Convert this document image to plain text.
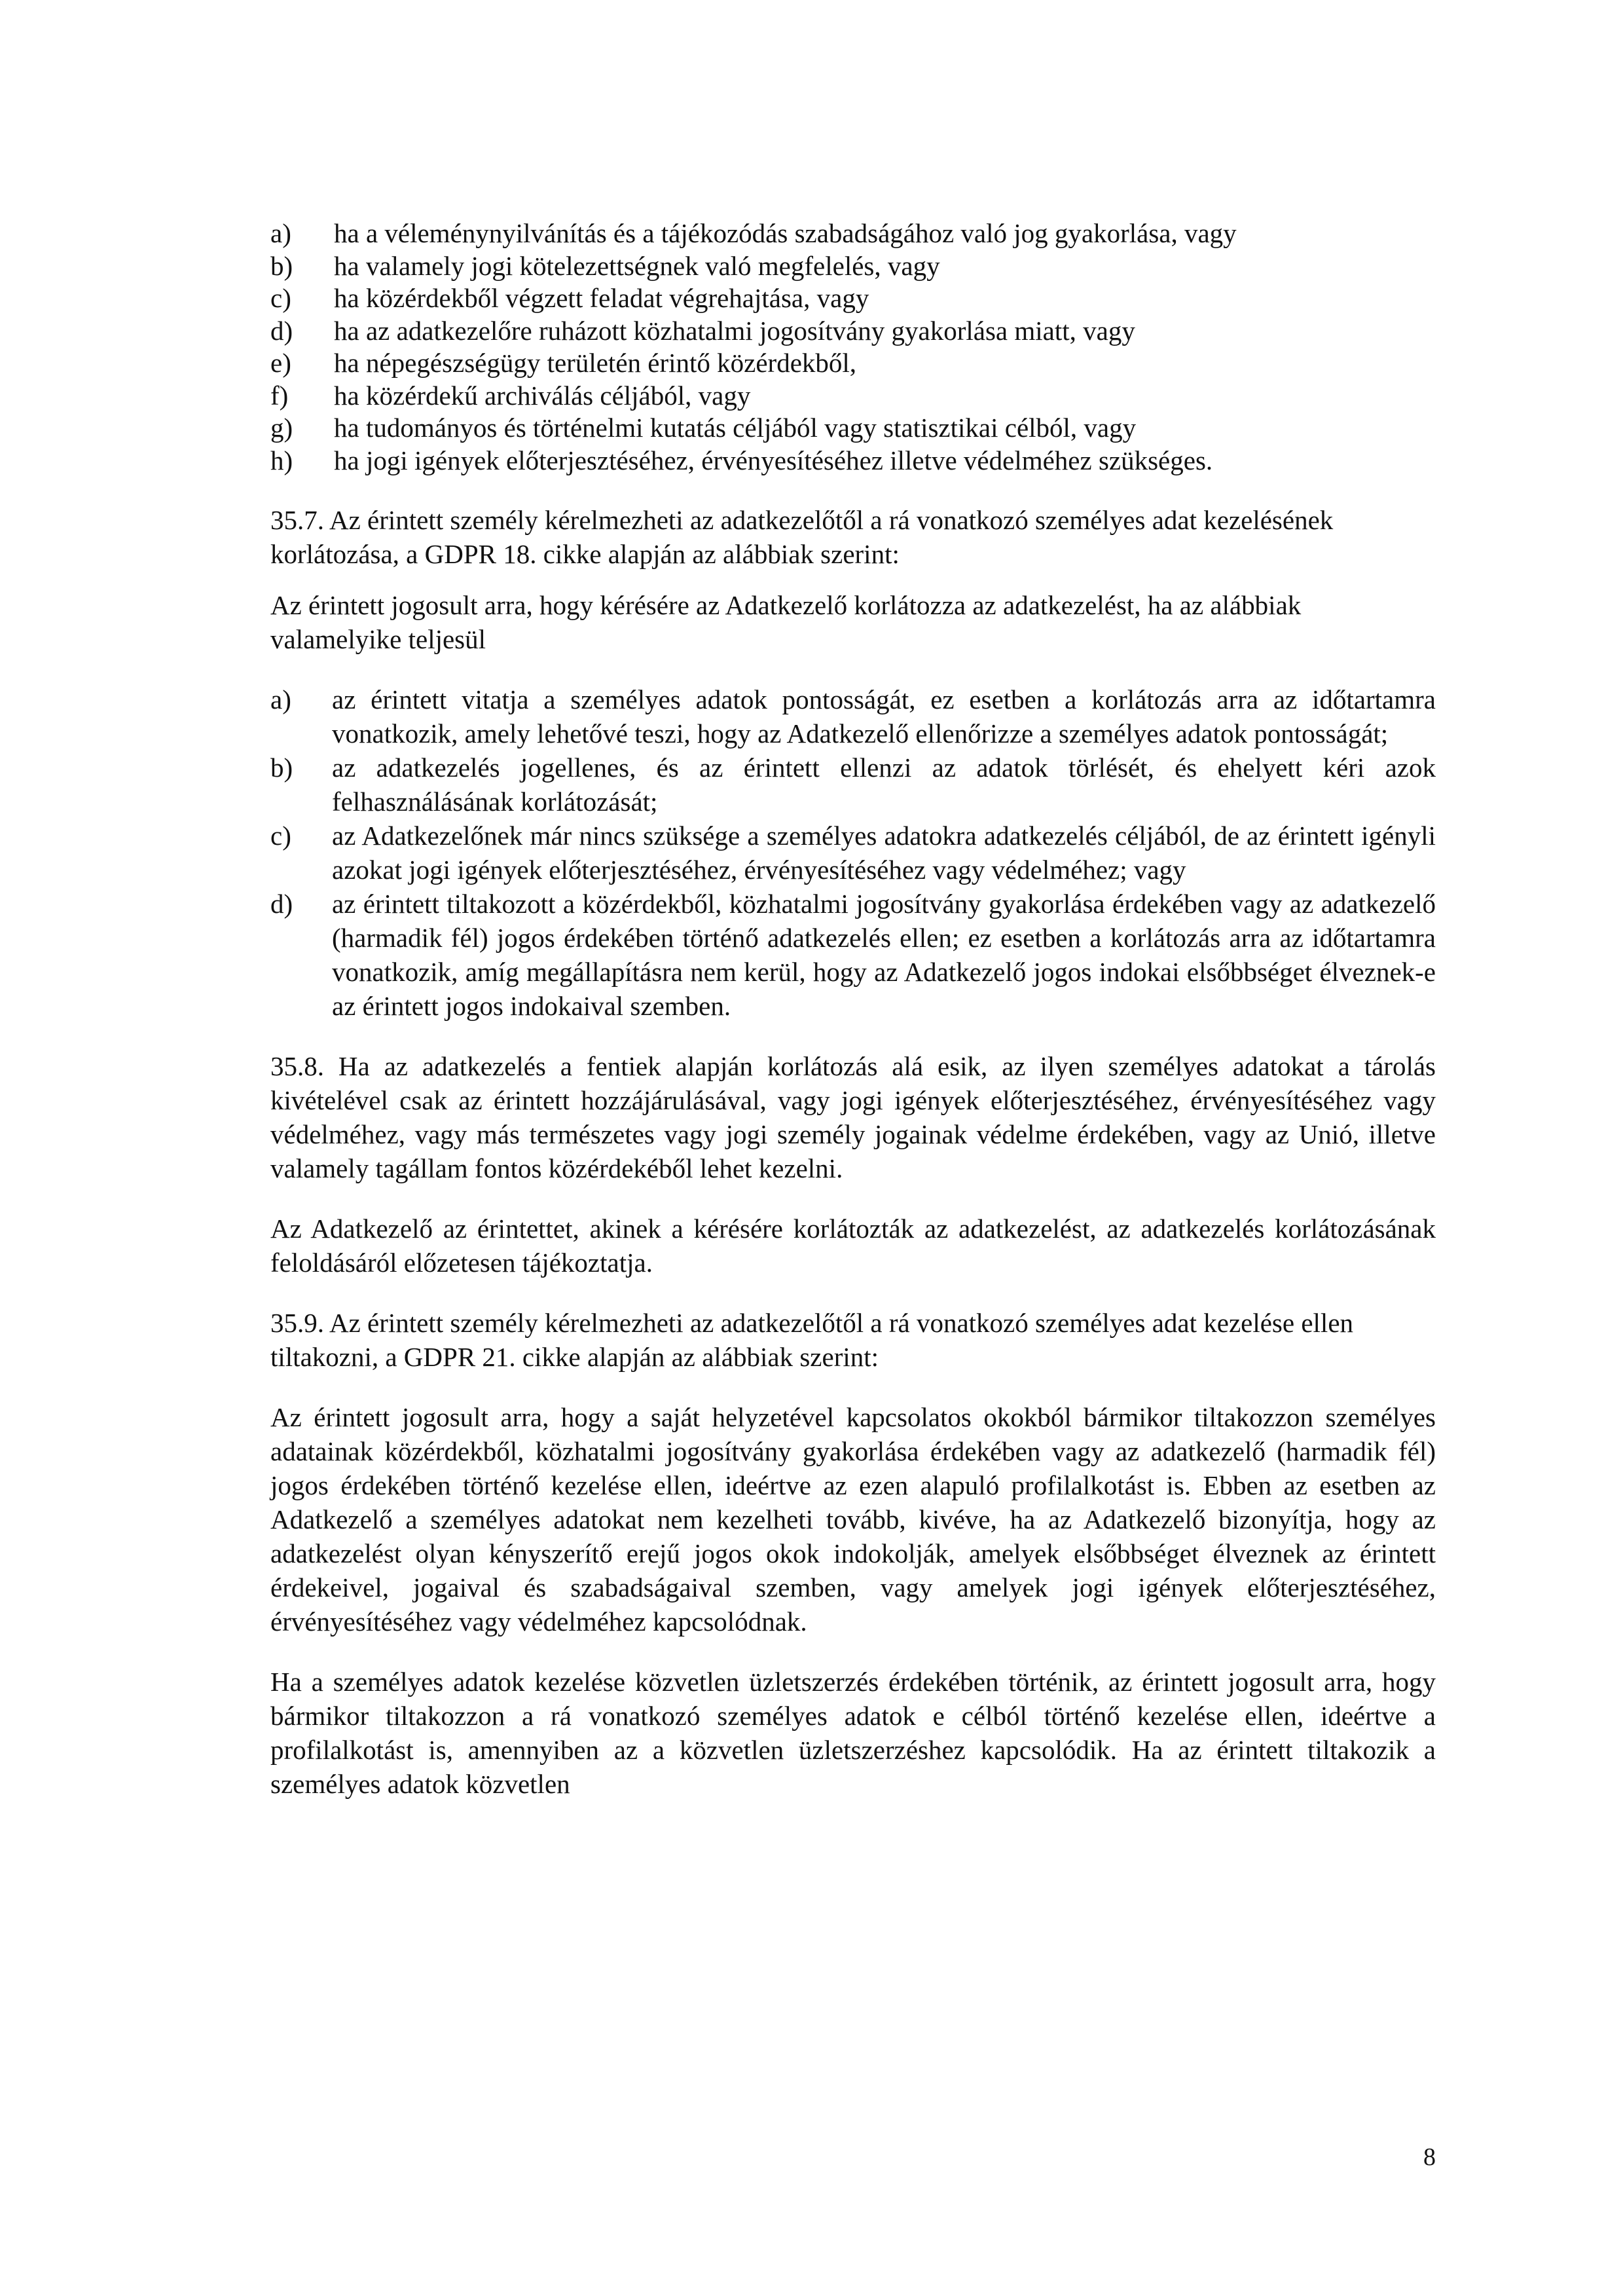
a)	ha a véleménynyilvánítás és a tájékozódás szabadságához való jog gyakorlása, vagy
b)	ha valamely jogi kötelezettségnek való megfelelés, vagy
c)	ha közérdekből végzett feladat végrehajtása, vagy
d)	ha az adatkezelőre ruházott közhatalmi jogosítvány gyakorlása miatt, vagy
e)	ha népegészségügy területén érintő közérdekből,
f)	ha közérdekű archiválás céljából, vagy
g)	ha tudományos és történelmi kutatás céljából vagy statisztikai célból, vagy
h)	ha jogi igények előterjesztéséhez, érvényesítéséhez illetve védelméhez szükséges.

35.7. Az érintett személy kérelmezheti az adatkezelőtől a rá vonatkozó személyes adat kezelésének korlátozása, a GDPR 18. cikke alapján az alábbiak szerint:

Az érintett jogosult arra, hogy kérésére az Adatkezelő korlátozza az adatkezelést, ha az alábbiak valamelyike teljesül

a)	az érintett vitatja a személyes adatok pontosságát, ez esetben a korlátozás arra az időtartamra vonatkozik, amely lehetővé teszi, hogy az Adatkezelő ellenőrizze a személyes adatok pontosságát;
b)	az adatkezelés jogellenes, és az érintett ellenzi az adatok törlését, és ehelyett kéri azok felhasználásának korlátozását;
c)	az Adatkezelőnek már nincs szüksége a személyes adatokra adatkezelés céljából, de az érintett igényli azokat jogi igények előterjesztéséhez, érvényesítéséhez vagy védelméhez; vagy
d)	az érintett tiltakozott a közérdekből, közhatalmi jogosítvány gyakorlása érdekében vagy az adatkezelő (harmadik fél) jogos érdekében történő adatkezelés ellen; ez esetben a korlátozás arra az időtartamra vonatkozik, amíg megállapításra nem kerül, hogy az Adatkezelő jogos indokai elsőbbséget élveznek-e az érintett jogos indokaival szemben.

35.8. Ha az adatkezelés a fentiek alapján korlátozás alá esik, az ilyen személyes adatokat a tárolás kivételével csak az érintett hozzájárulásával, vagy jogi igények előterjesztéséhez, érvényesítéséhez vagy védelméhez, vagy más természetes vagy jogi személy jogainak védelme érdekében, vagy az Unió, illetve valamely tagállam fontos közérdekéből lehet kezelni.

Az Adatkezelő az érintettet, akinek a kérésére korlátozták az adatkezelést, az adatkezelés korlátozásának feloldásáról előzetesen tájékoztatja.

35.9. Az érintett személy kérelmezheti az adatkezelőtől a rá vonatkozó személyes adat kezelése ellen tiltakozni, a GDPR 21. cikke alapján az alábbiak szerint:

Az érintett jogosult arra, hogy a saját helyzetével kapcsolatos okokból bármikor tiltakozzon személyes adatainak közérdekből, közhatalmi jogosítvány gyakorlása érdekében vagy az adatkezelő (harmadik fél) jogos érdekében történő kezelése ellen, ideértve az ezen alapuló profilalkotást is. Ebben az esetben az Adatkezelő a személyes adatokat nem kezelheti tovább, kivéve, ha az Adatkezelő bizonyítja, hogy az adatkezelést olyan kényszerítő erejű jogos okok indokolják, amelyek elsőbbséget élveznek az érintett érdekeivel, jogaival és szabadságaival szemben, vagy amelyek jogi igények előterjesztéséhez, érvényesítéséhez vagy védelméhez kapcsolódnak.

Ha a személyes adatok kezelése közvetlen üzletszerzés érdekében történik, az érintett jogosult arra, hogy bármikor tiltakozzon a rá vonatkozó személyes adatok e célból történő kezelése ellen, ideértve a profilalkotást is, amennyiben az a közvetlen üzletszerzéshez kapcsolódik. Ha az érintett tiltakozik a személyes adatok közvetlen

8
